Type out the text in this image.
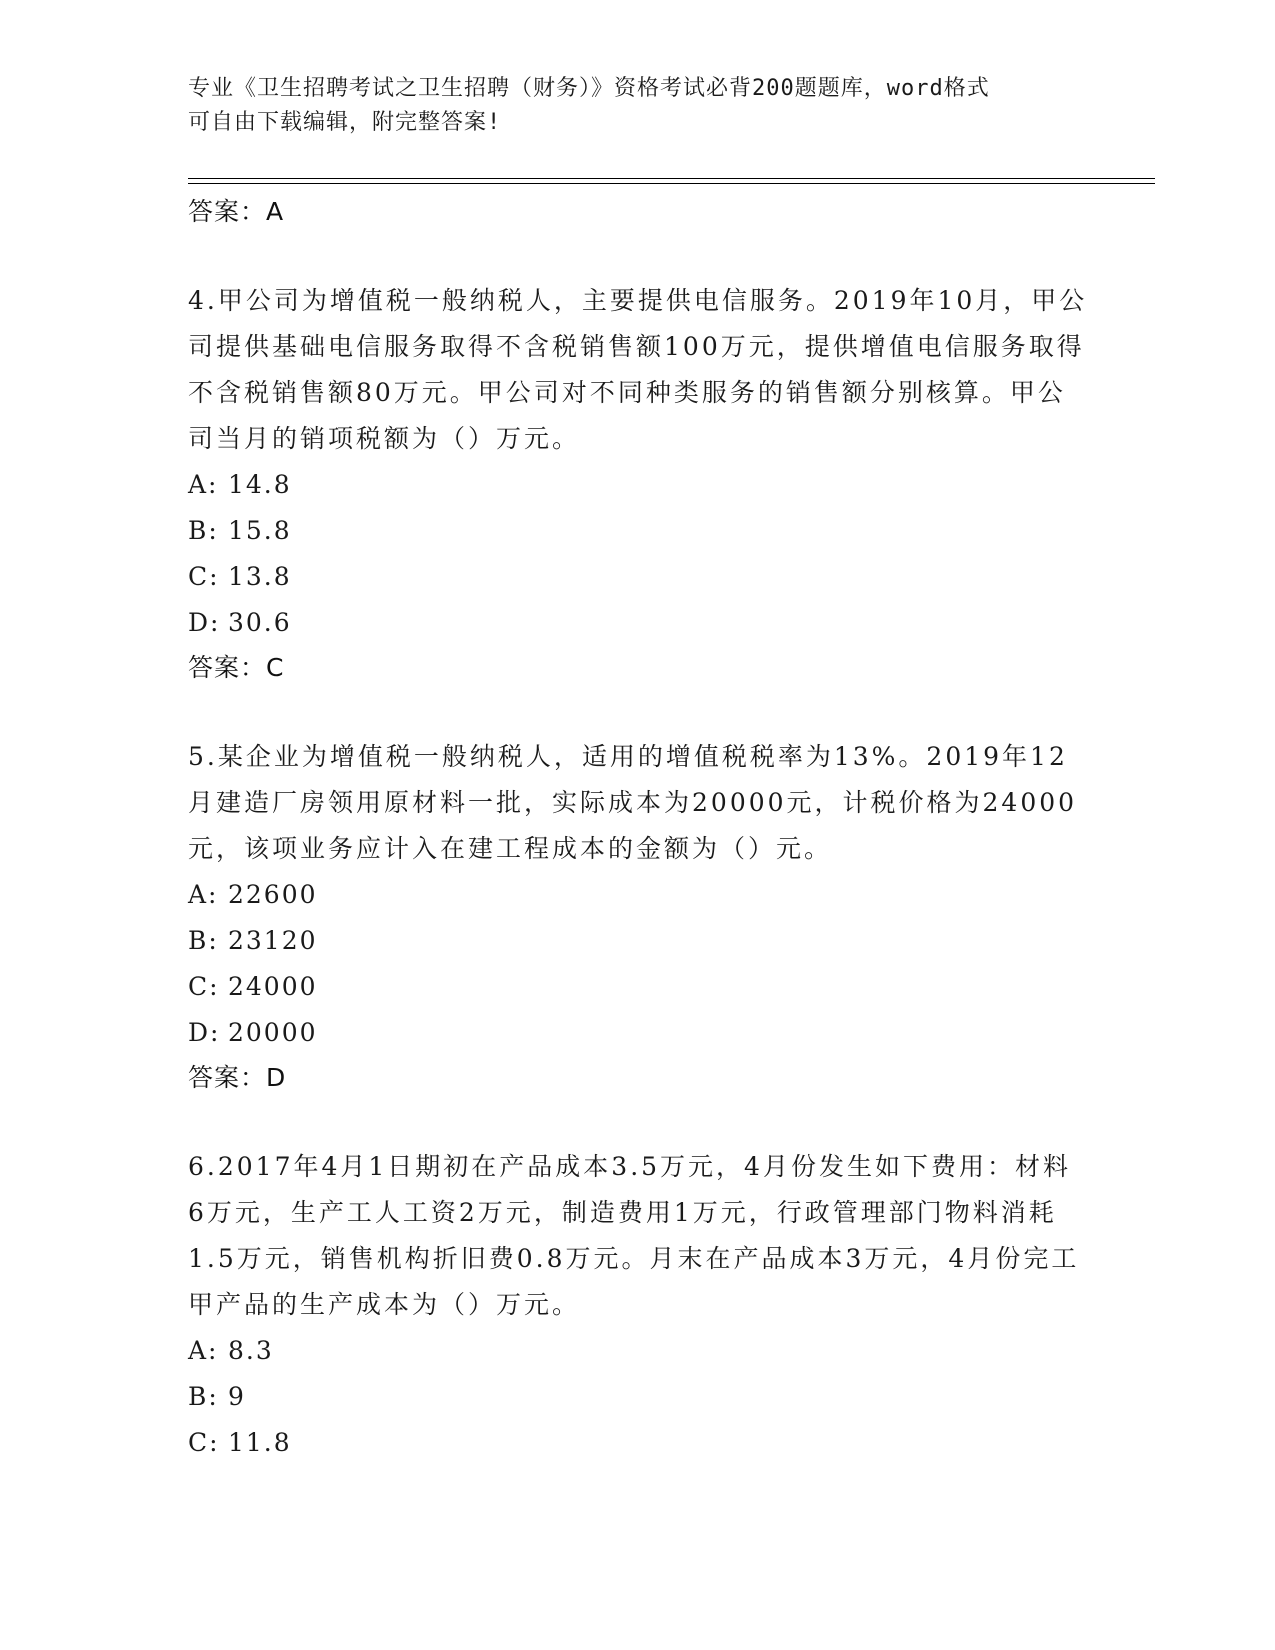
专业《卫生招聘考试之卫生招聘（财务）》资格考试必背200题题库，word格式
可自由下载编辑，附完整答案!
答案：A

4.甲公司为增值税一般纳税人，主要提供电信服务。2019年10月，甲公司提供基础电信服务取得不含税销售额100万元，提供增值电信服务取得不含税销售额80万元。甲公司对不同种类服务的销售额分别核算。甲公司当月的销项税额为（）万元。

A: 14.8
B: 15.8
C: 13.8
D: 30.6
答案：C

5.某企业为增值税一般纳税人，适用的增值税税率为13%。2019年12月建造厂房领用原材料一批，实际成本为20000元，计税价格为24000元，该项业务应计入在建工程成本的金额为（）元。

A: 22600
B: 23120
C: 24000
D: 20000
答案：D

6.2017年4月1日期初在产品成本3.5万元，4月份发生如下费用：材料6万元，生产工人工资2万元，制造费用1万元，行政管理部门物料消耗1.5万元，销售机构折旧费0.8万元。月末在产品成本3万元，4月份完工甲产品的生产成本为（）万元。

A: 8.3
B: 9
C: 11.8
